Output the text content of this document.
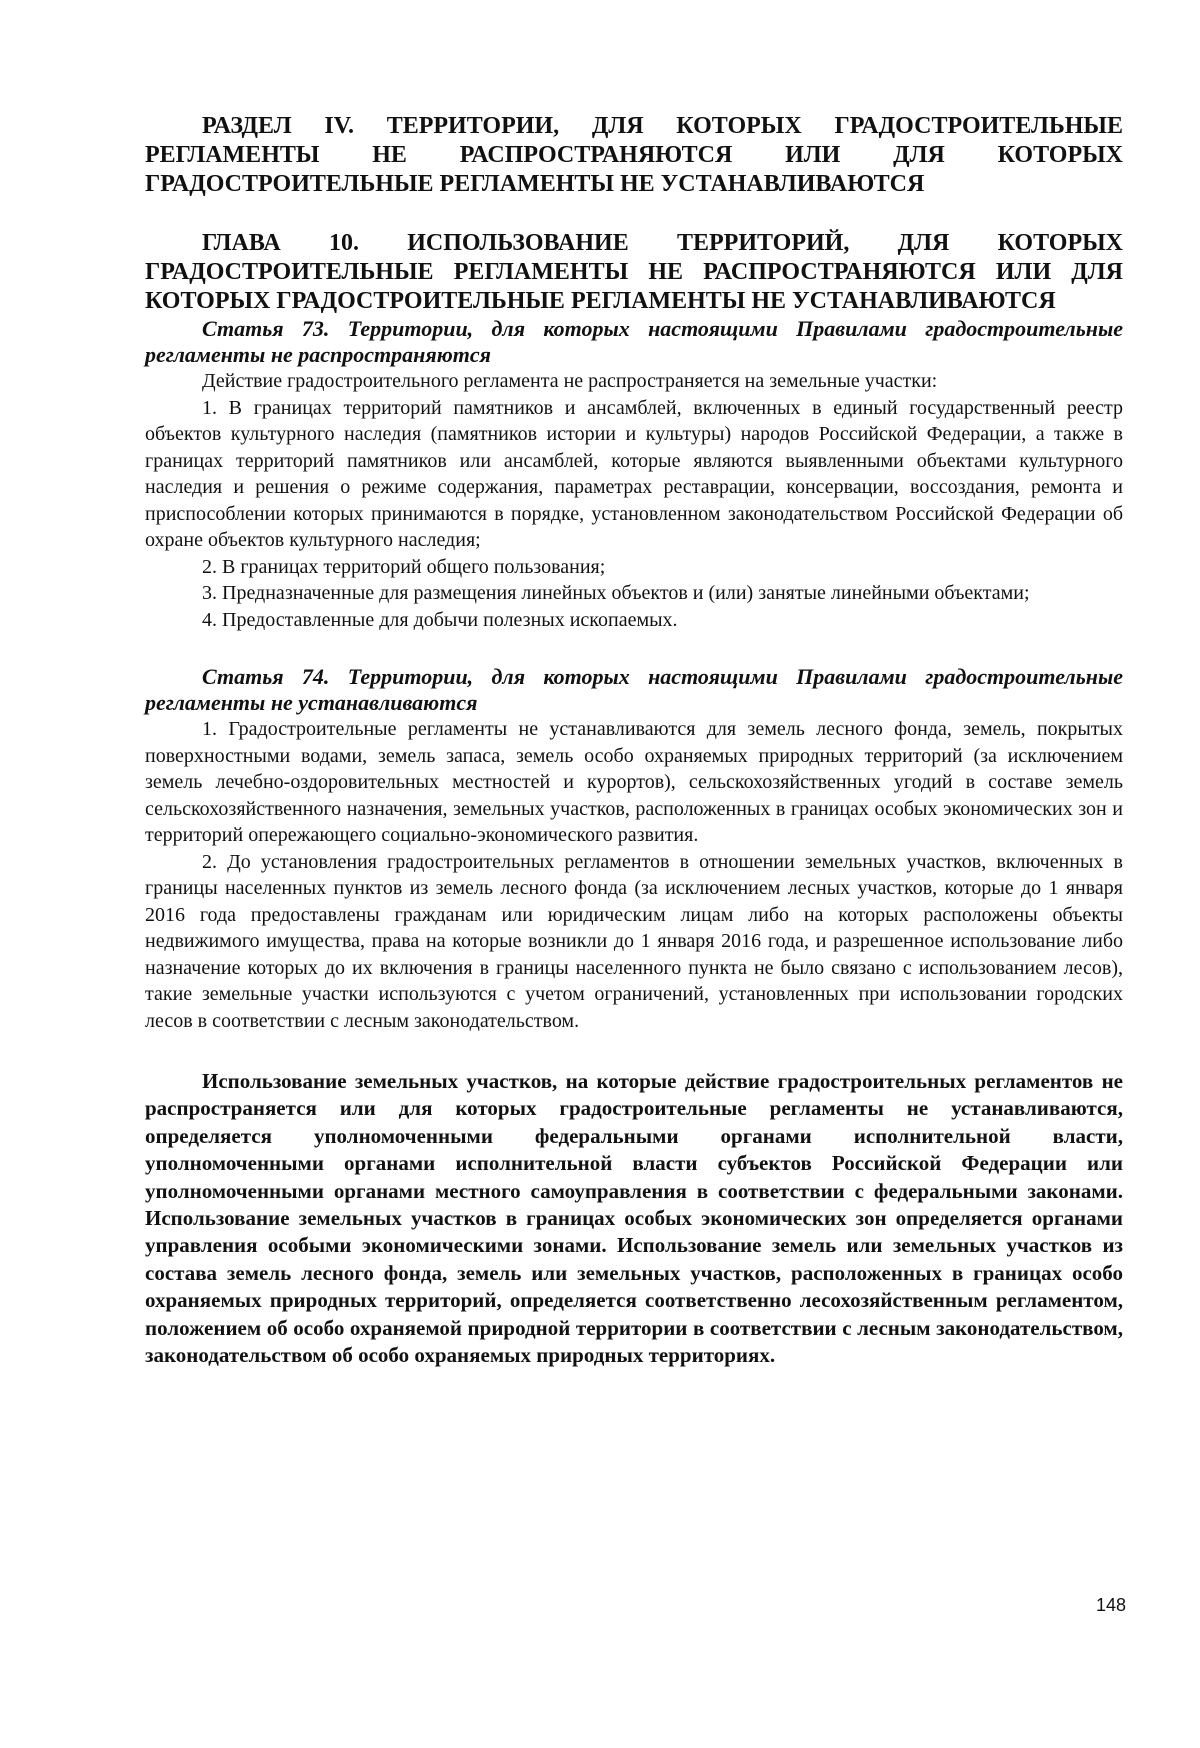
РАЗДЕЛ IV. ТЕРРИТОРИИ, ДЛЯ КОТОРЫХ ГРАДОСТРОИТЕЛЬНЫЕ РЕГЛАМЕНТЫ НЕ РАСПРОСТРАНЯЮТСЯ ИЛИ ДЛЯ КОТОРЫХ ГРАДОСТРОИТЕЛЬНЫЕ РЕГЛАМЕНТЫ НЕ УСТАНАВЛИВАЮТСЯ

ГЛАВА 10. ИСПОЛЬЗОВАНИЕ ТЕРРИТОРИЙ, ДЛЯ КОТОРЫХ ГРАДОСТРОИТЕЛЬНЫЕ РЕГЛАМЕНТЫ НЕ РАСПРОСТРАНЯЮТСЯ ИЛИ ДЛЯ КОТОРЫХ ГРАДОСТРОИТЕЛЬНЫЕ РЕГЛАМЕНТЫ НЕ УСТАНАВЛИВАЮТСЯ

Статья 73. Территории, для которых настоящими Правилами градостроительные регламенты не распространяются

Действие градостроительного регламента не распространяется на земельные участки:

1. В границах территорий памятников и ансамблей, включенных в единый государственный реестр объектов культурного наследия (памятников истории и культуры) народов Российской Федерации, а также в границах территорий памятников или ансамблей, которые являются выявленными объектами культурного наследия и решения о режиме содержания, параметрах реставрации, консервации, воссоздания, ремонта и приспособлении которых принимаются в порядке, установленном законодательством Российской Федерации об охране объектов культурного наследия;

2. В границах территорий общего пользования;

3. Предназначенные для размещения линейных объектов и (или) занятые линейными объектами;

4. Предоставленные для добычи полезных ископаемых.

Статья 74. Территории, для которых настоящими Правилами градостроительные регламенты не устанавливаются

1. Градостроительные регламенты не устанавливаются для земель лесного фонда, земель, покрытых поверхностными водами, земель запаса, земель особо охраняемых природных территорий (за исключением земель лечебно-оздоровительных местностей и курортов), сельскохозяйственных угодий в составе земель сельскохозяйственного назначения, земельных участков, расположенных в границах особых экономических зон и территорий опережающего социально-экономического развития.

2. До установления градостроительных регламентов в отношении земельных участков, включенных в границы населенных пунктов из земель лесного фонда (за исключением лесных участков, которые до 1 января 2016 года предоставлены гражданам или юридическим лицам либо на которых расположены объекты недвижимого имущества, права на которые возникли до 1 января 2016 года, и разрешенное использование либо назначение которых до их включения в границы населенного пункта не было связано с использованием лесов), такие земельные участки используются с учетом ограничений, установленных при использовании городских лесов в соответствии с лесным законодательством.

Использование земельных участков, на которые действие градостроительных регламентов не распространяется или для которых градостроительные регламенты не устанавливаются, определяется уполномоченными федеральными органами исполнительной власти, уполномоченными органами исполнительной власти субъектов Российской Федерации или уполномоченными органами местного самоуправления в соответствии с федеральными законами. Использование земельных участков в границах особых экономических зон определяется органами управления особыми экономическими зонами. Использование земель или земельных участков из состава земель лесного фонда, земель или земельных участков, расположенных в границах особо охраняемых природных территорий, определяется соответственно лесохозяйственным регламентом, положением об особо охраняемой природной территории в соответствии с лесным законодательством, законодательством об особо охраняемых природных территориях.

148
